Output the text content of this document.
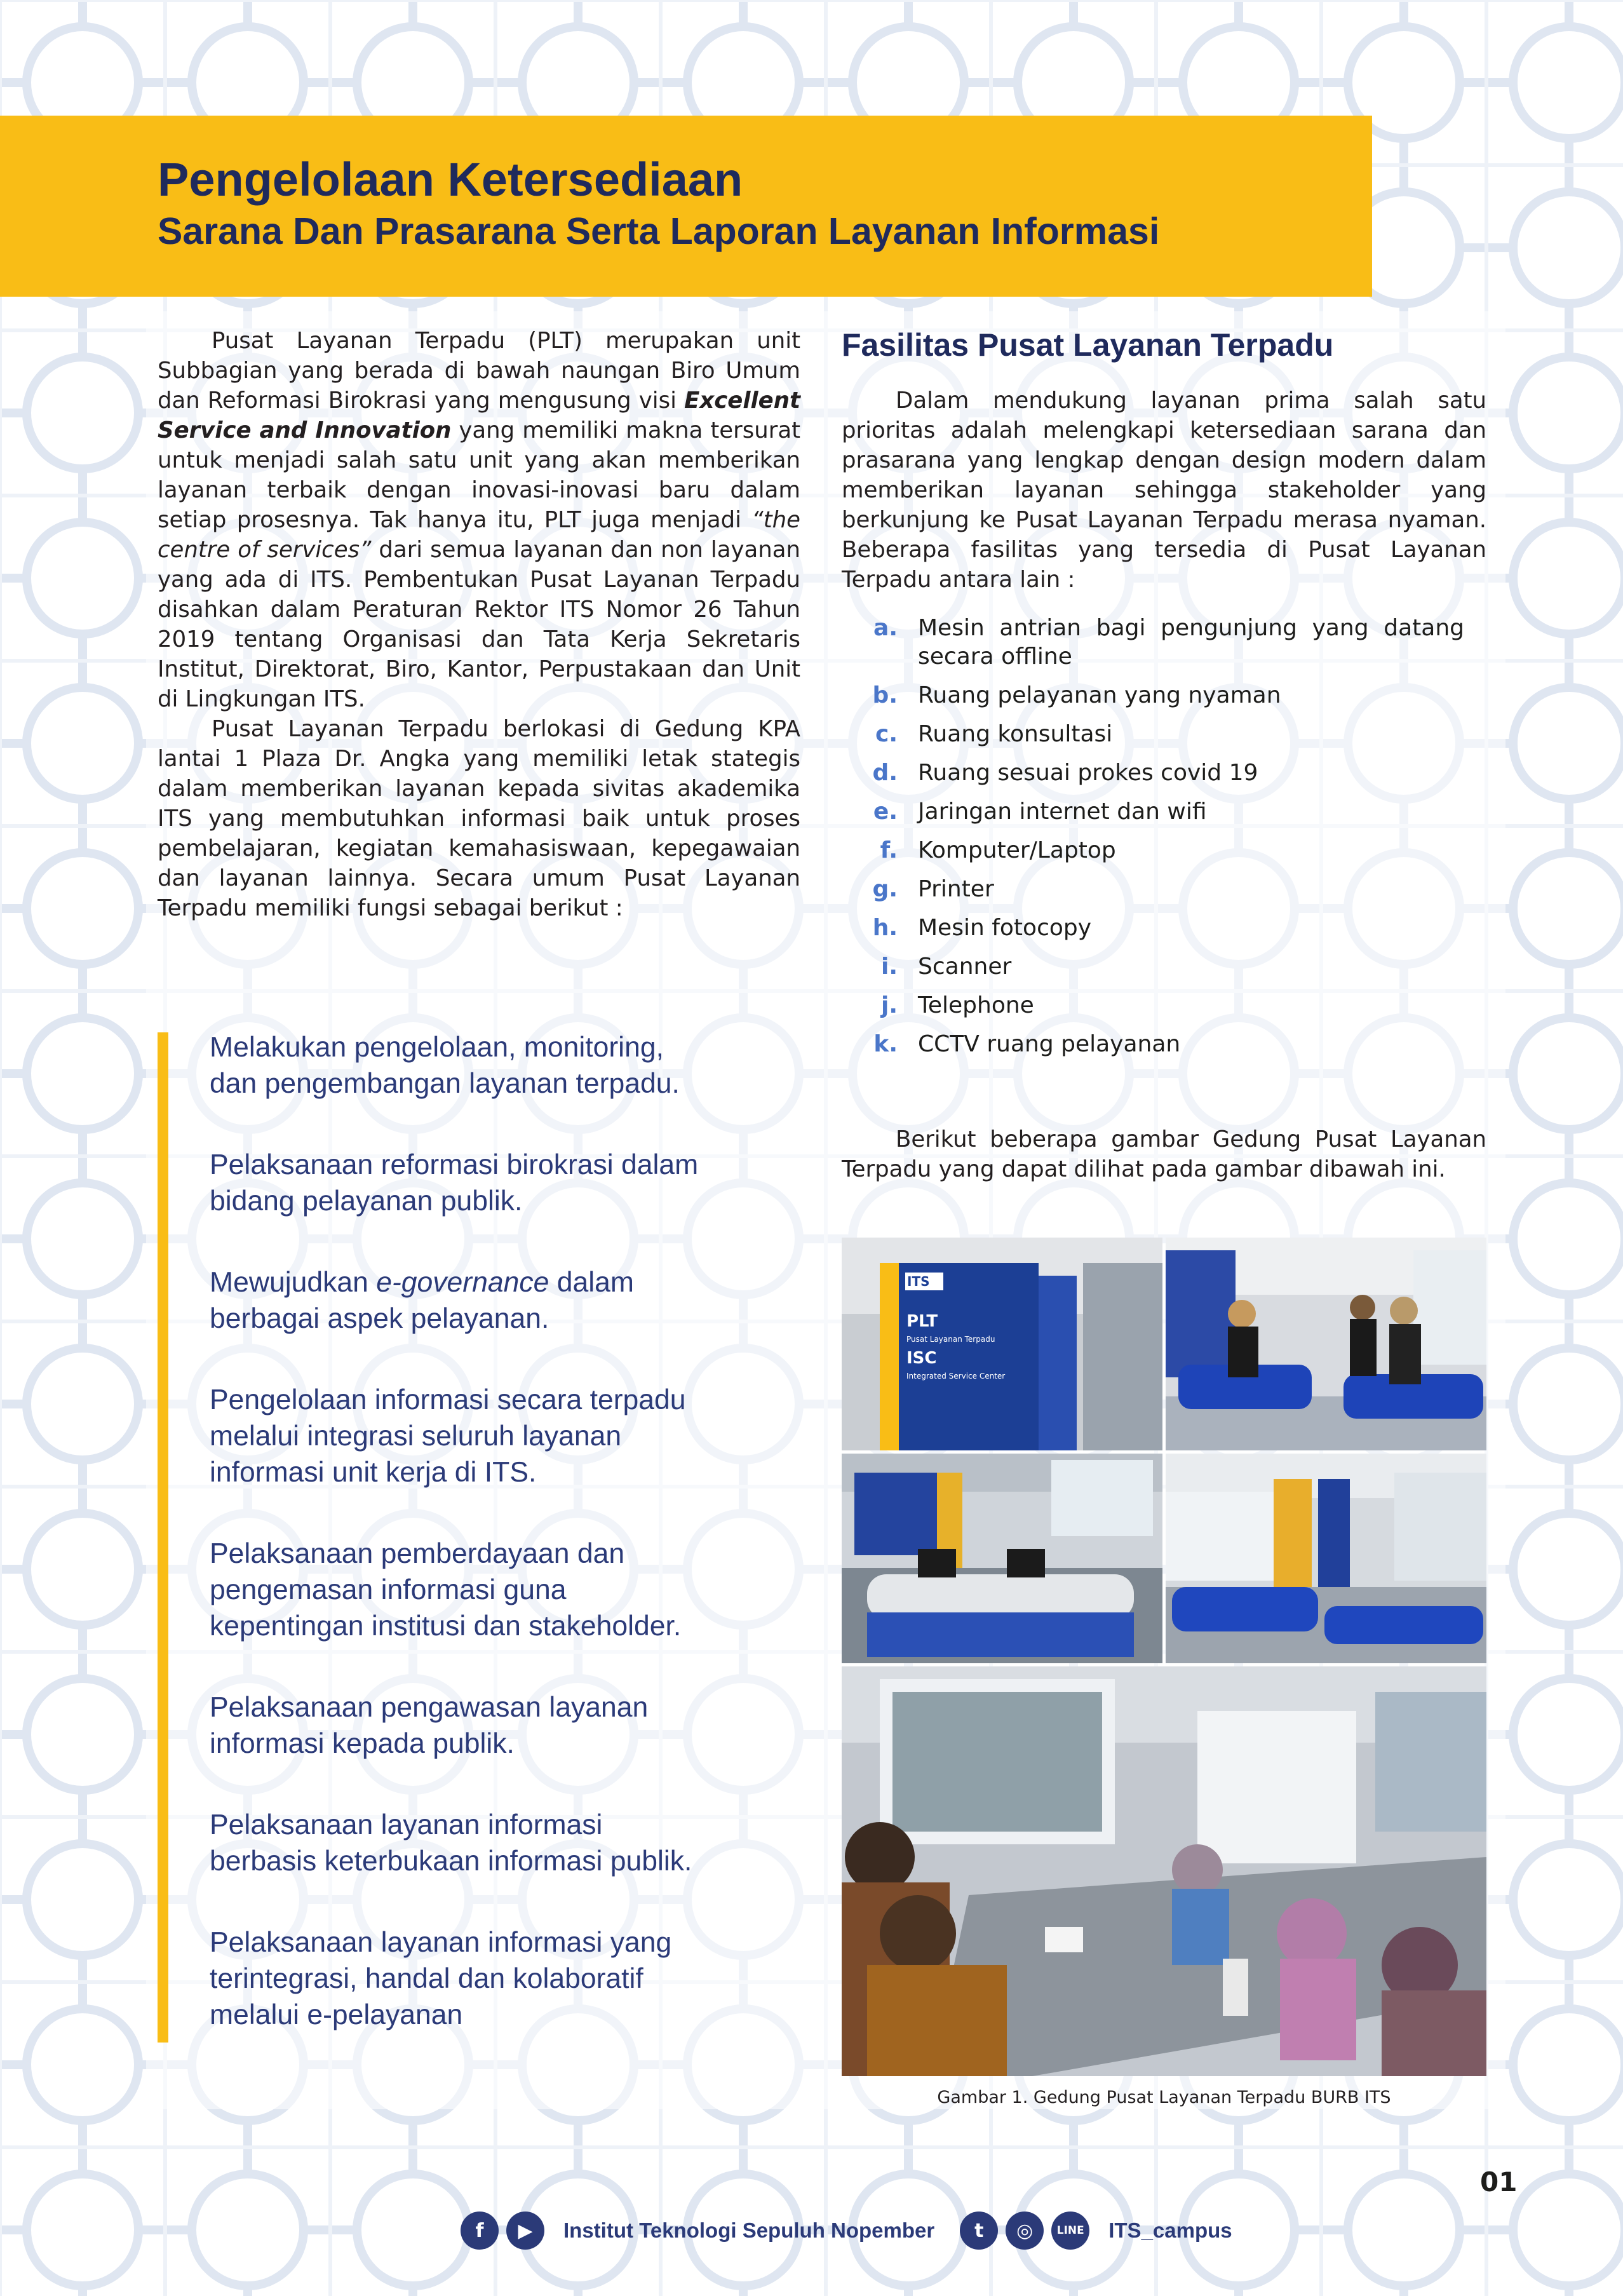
Pengelolaan Ketersediaan
Sarana Dan Prasarana Serta Laporan Layanan Informasi

Pusat Layanan Terpadu (PLT) merupakan unit Subbagian yang berada di bawah naungan Biro Umum dan Reformasi Birokrasi yang mengusung visi Excellent Service and Innovation yang memiliki makna tersurat untuk menjadi salah satu unit yang akan memberikan layanan terbaik dengan inovasi-inovasi baru dalam setiap prosesnya. Tak hanya itu, PLT juga menjadi “the centre of services” dari semua layanan dan non layanan yang ada di ITS. Pembentukan Pusat Layanan Terpadu disahkan dalam Peraturan Rektor ITS Nomor 26 Tahun 2019 tentang Organisasi dan Tata Kerja Sekretaris Institut, Direktorat, Biro, Kantor, Perpustakaan dan Unit di Lingkungan ITS.

Pusat Layanan Terpadu berlokasi di Gedung KPA lantai 1 Plaza Dr. Angka yang memiliki letak stategis dalam memberikan layanan kepada sivitas akademika ITS yang membutuhkan informasi baik untuk proses pembelajaran, kegiatan kemahasiswaan, kepegawaian dan layanan lainnya. Secara umum Pusat Layanan Terpadu memiliki fungsi sebagai berikut :

Melakukan pengelolaan, monitoring,
dan pengembangan layanan terpadu.
Pelaksanaan reformasi birokrasi dalam
bidang pelayanan publik.
Mewujudkan e-governance dalam
berbagai aspek pelayanan.
Pengelolaan informasi secara terpadu
melalui integrasi seluruh layanan
informasi unit kerja di ITS.
Pelaksanaan pemberdayaan dan
pengemasan informasi guna
kepentingan institusi dan stakeholder.
Pelaksanaan pengawasan layanan
informasi kepada publik.
Pelaksanaan layanan informasi
berbasis keterbukaan informasi publik.
Pelaksanaan layanan informasi yang
terintegrasi, handal dan kolaboratif
melalui e-pelayanan
Fasilitas Pusat Layanan Terpadu

Dalam mendukung layanan prima salah satu prioritas adalah melengkapi ketersediaan sarana dan prasarana yang lengkap dengan design modern dalam memberikan layanan sehingga stakeholder yang berkunjung ke Pusat Layanan Terpadu merasa nyaman. Beberapa fasilitas yang tersedia di Pusat Layanan Terpadu antara lain :

a. Mesin antrian bagi pengunjung yang datang secara offline
b. Ruang pelayanan yang nyaman
c. Ruang konsultasi
d. Ruang sesuai prokes covid 19
e. Jaringan internet dan wifi
f. Komputer/Laptop
g. Printer
h. Mesin fotocopy
i. Scanner
j. Telephone
k. CCTV ruang pelayanan

Berikut beberapa gambar Gedung Pusat Layanan Terpadu yang dapat dilihat pada gambar dibawah ini.

ITS
PLT
Pusat Layanan Terpadu
ISC
Integrated Service Center
Gambar 1. Gedung Pusat Layanan Terpadu BURB ITS
01
f	▶	Institut Teknologi Sepuluh Nopember	t	◎	LINE ITS_campus
